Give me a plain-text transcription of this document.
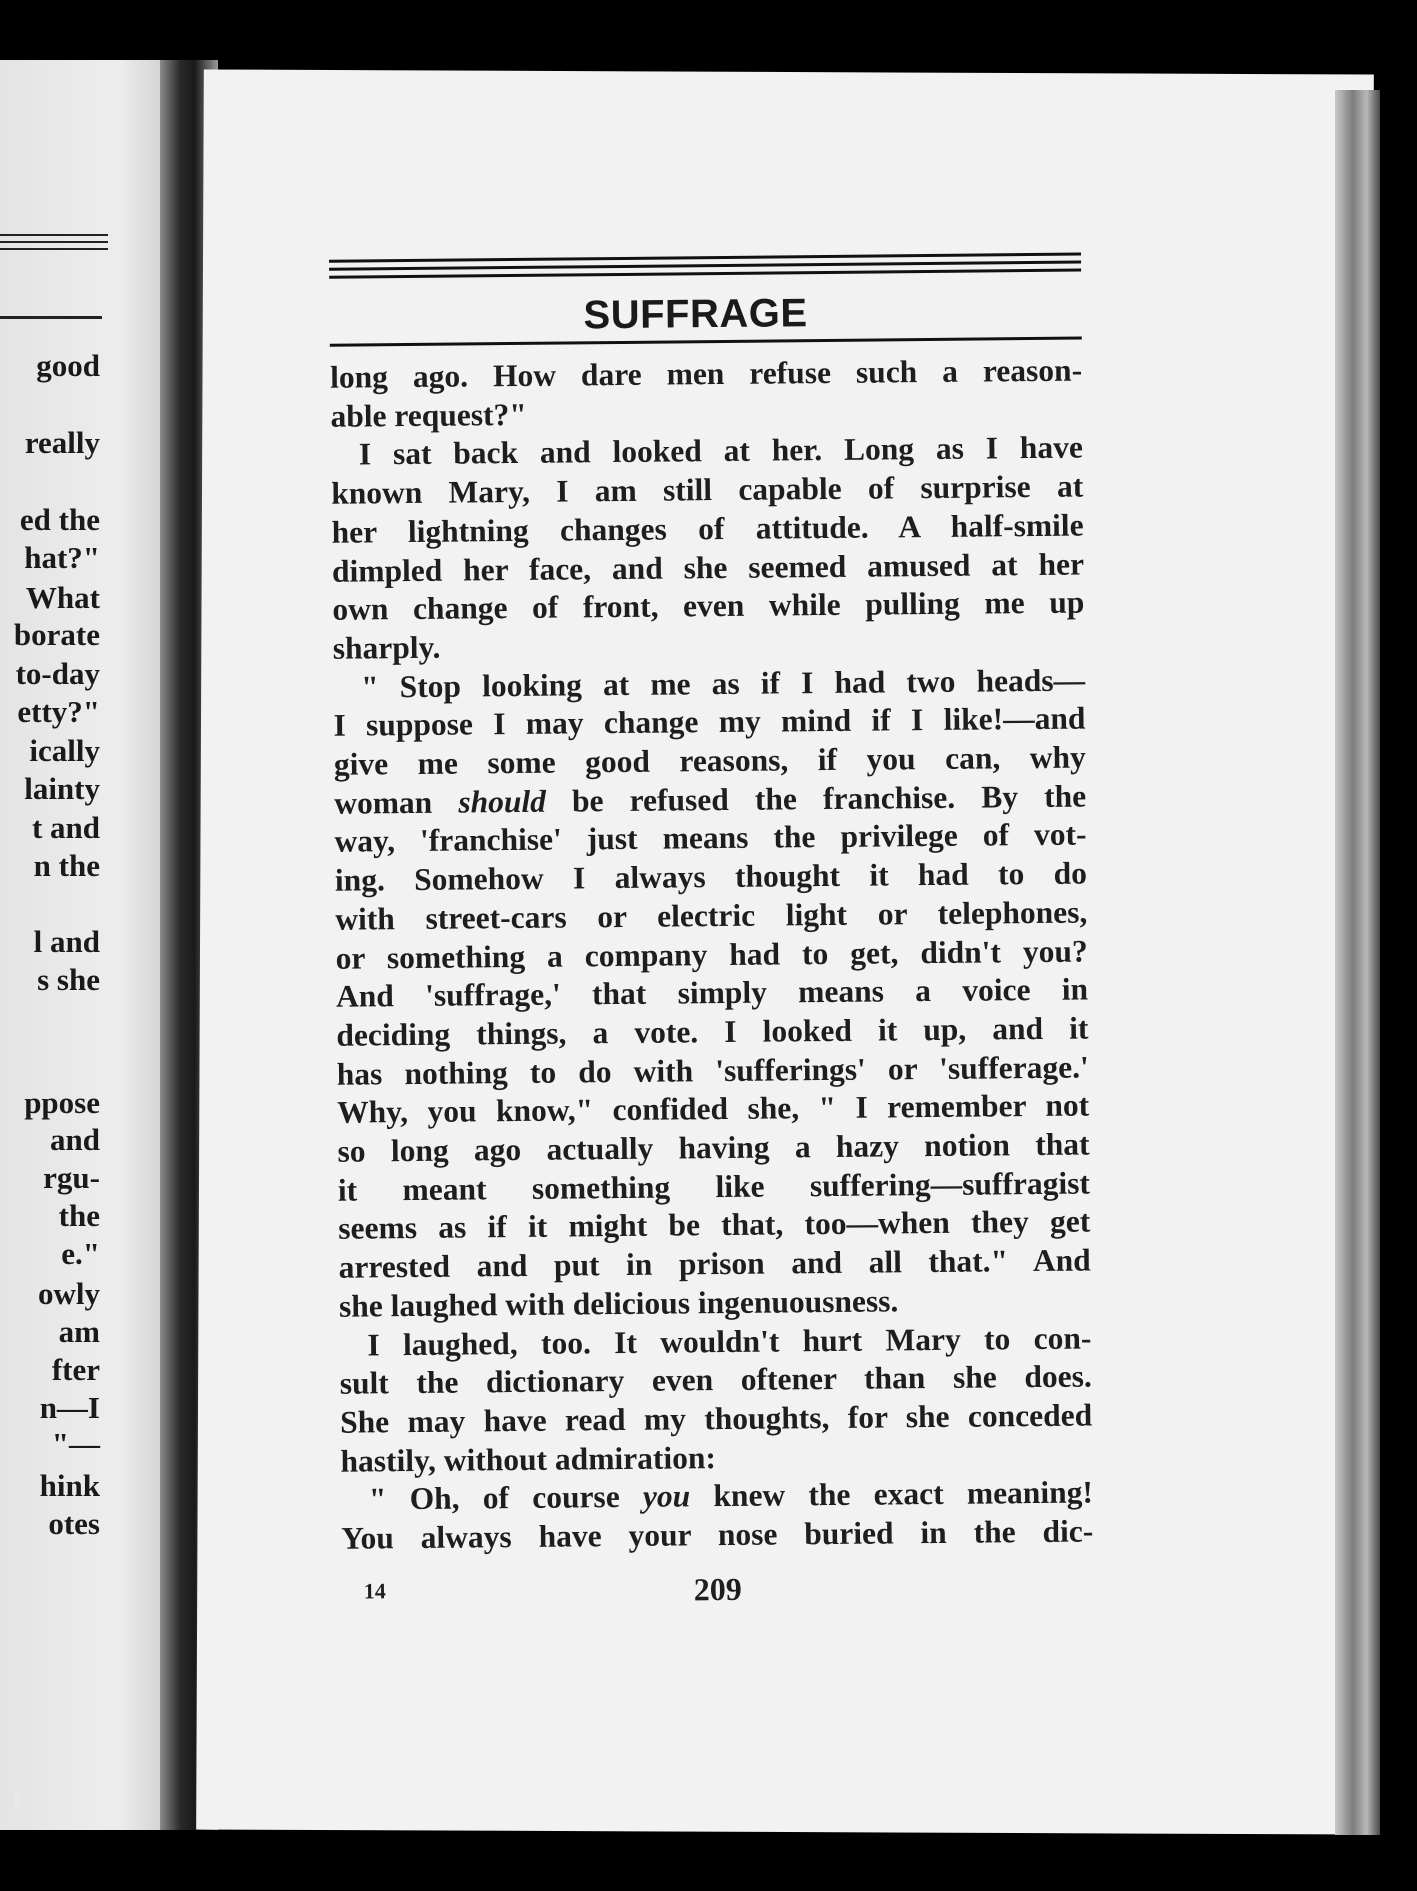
good
really
ed the
hat?"
What
borate
to-day
etty?"
ically
lainty
t and
n the
l and
s she
ppose
and
rgu-
the
e."
owly
am
fter
n—I
"—
hink
otes
SUFFRAGE
long ago. How dare men refuse such a reason-
able request?"
I sat back and looked at her. Long as I have
known Mary, I am still capable of surprise at
her lightning changes of attitude. A half-smile
dimpled her face, and she seemed amused at her
own change of front, even while pulling me up
sharply.
" Stop looking at me as if I had two heads—
I suppose I may change my mind if I like!—and
give me some good reasons, if you can, why
woman should be refused the franchise. By the
way, 'franchise' just means the privilege of vot-
ing. Somehow I always thought it had to do
with street-cars or electric light or telephones,
or something a company had to get, didn't you?
And 'suffrage,' that simply means a voice in
deciding things, a vote. I looked it up, and it
has nothing to do with 'sufferings' or 'sufferage.'
Why, you know," confided she, " I remember not
so long ago actually having a hazy notion that
it meant something like suffering—suffragist
seems as if it might be that, too—when they get
arrested and put in prison and all that." And
she laughed with delicious ingenuousness.
I laughed, too. It wouldn't hurt Mary to con-
sult the dictionary even oftener than she does.
She may have read my thoughts, for she conceded
hastily, without admiration:
" Oh, of course you knew the exact meaning!
You always have your nose buried in the dic-
14	209
